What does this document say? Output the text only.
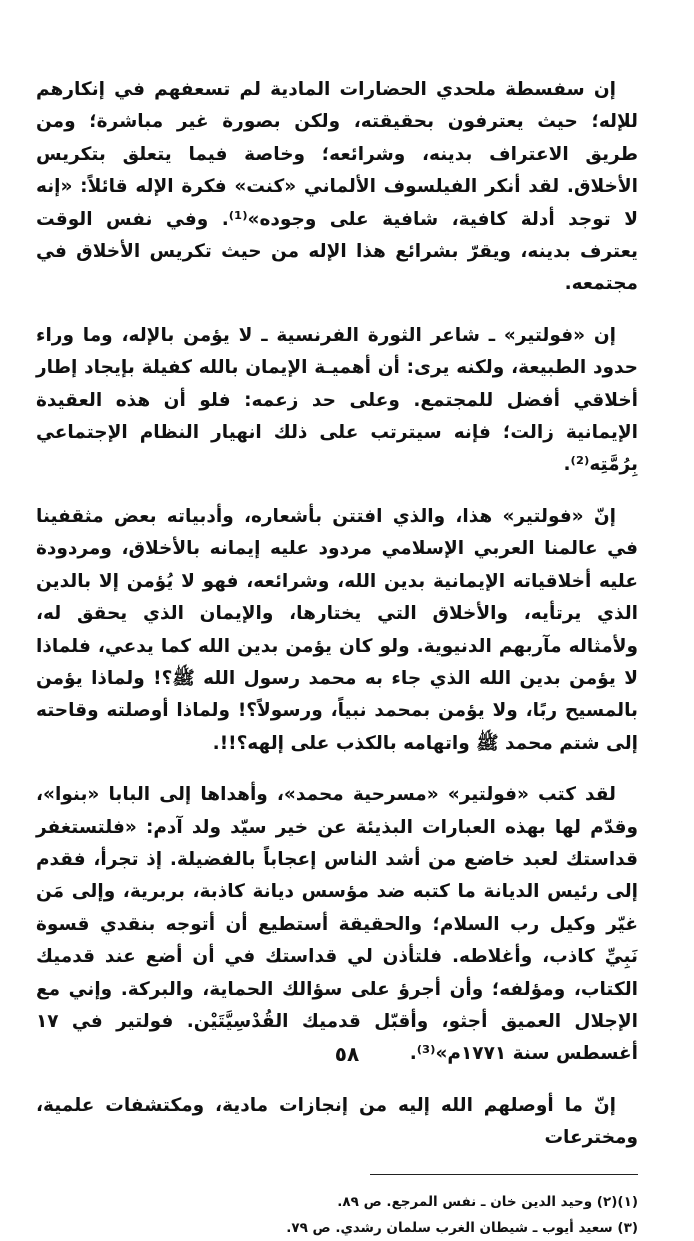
إن سفسطة ملحدي الحضارات المادية لم تسعفهم في إنكارهم للإله؛ حيث يعترفون بحقيقته، ولكن بصورة غير مباشرة؛ ومن طريق الاعتراف بدينه، وشرائعه؛ وخاصة فيما يتعلق بتكريس الأخلاق. لقد أنكر الفيلسوف الألماني «كنت» فكرة الإله قائلاً: «إنه لا توجد أدلة كافية، شافية على وجوده»⁽¹⁾. وفي نفس الوقت يعترف بدينه، ويقرّ بشرائع هذا الإله من حيث تكريس الأخلاق في مجتمعه.

إن «فولتير» ـ شاعر الثورة الفرنسية ـ لا يؤمن بالإله، وما وراء حدود الطبيعة، ولكنه يرى: أن أهميـة الإيمان بالله كفيلة بإيجاد إطار أخلاقي أفضل للمجتمع. وعلى حد زعمه: فلو أن هذه العقيدة الإيمانية زالت؛ فإنه سيترتب على ذلك انهيار النظام الإجتماعي بِرُمَّتِه⁽²⁾.

إنّ «فولتير» هذا، والذي افتتن بأشعاره، وأدبياته بعض مثقفينا في عالمنا العربي الإسلامي مردود عليه إيمانه بالأخلاق، ومردودة عليه أخلاقياته الإيمانية بدين الله، وشرائعه، فهو لا يُؤمن إلا بالدين الذي يرتأيه، والأخلاق التي يختارها، والإيمان الذي يحقق له، ولأمثاله مآربهم الدنيوية. ولو كان يؤمن بدين الله كما يدعي، فلماذا لا يؤمن بدين الله الذي جاء به محمد رسول الله ﷺ؟! ولماذا يؤمن بالمسيح ربًا، ولا يؤمن بمحمد نبياً، ورسولاً؟! ولماذا أوصلته وقاحته إلى شتم محمد ﷺ واتهامه بالكذب على إلهه؟!!.

لقد كتب «فولتير» «مسرحية محمد»، وأهداها إلى البابا «بنوا»، وقدّم لها بهذه العبارات البذيئة عن خير سيّد ولد آدم: «فلتستغفر قداستك لعبد خاضع من أشد الناس إعجاباً بالفضيلة. إذ تجرأ، فقدم إلى رئيس الديانة ما كتبه ضد مؤسس ديانة كاذبة، بربرية، وإلى مَن غيّر وكيل رب السلام؛ والحقيقة أستطيع أن أتوجه بنقدي قسوة نَبِيِّ كاذب، وأغلاطه. فلتأذن لي قداستك في أن أضع عند قدميك الكتاب، ومؤلفه؛ وأن أجرؤ على سؤالك الحماية، والبركة. وإني مع الإجلال العميق أجثو، وأقبّل قدميك القُدْسِيَّتَيْن. فولتير في ١٧ أغسطس سنة ١٧٧١م»⁽³⁾.

إنّ ما أوصلهم الله إليه من إنجازات مادية، ومكتشفات علمية، ومخترعات

(١)(٢) وحيد الدين خان ـ نفس المرجع. ص ٨٩.

(٣) سعيد أيوب ـ شيطان الغرب سلمان رشدي. ص ٧٩.

٥٨
